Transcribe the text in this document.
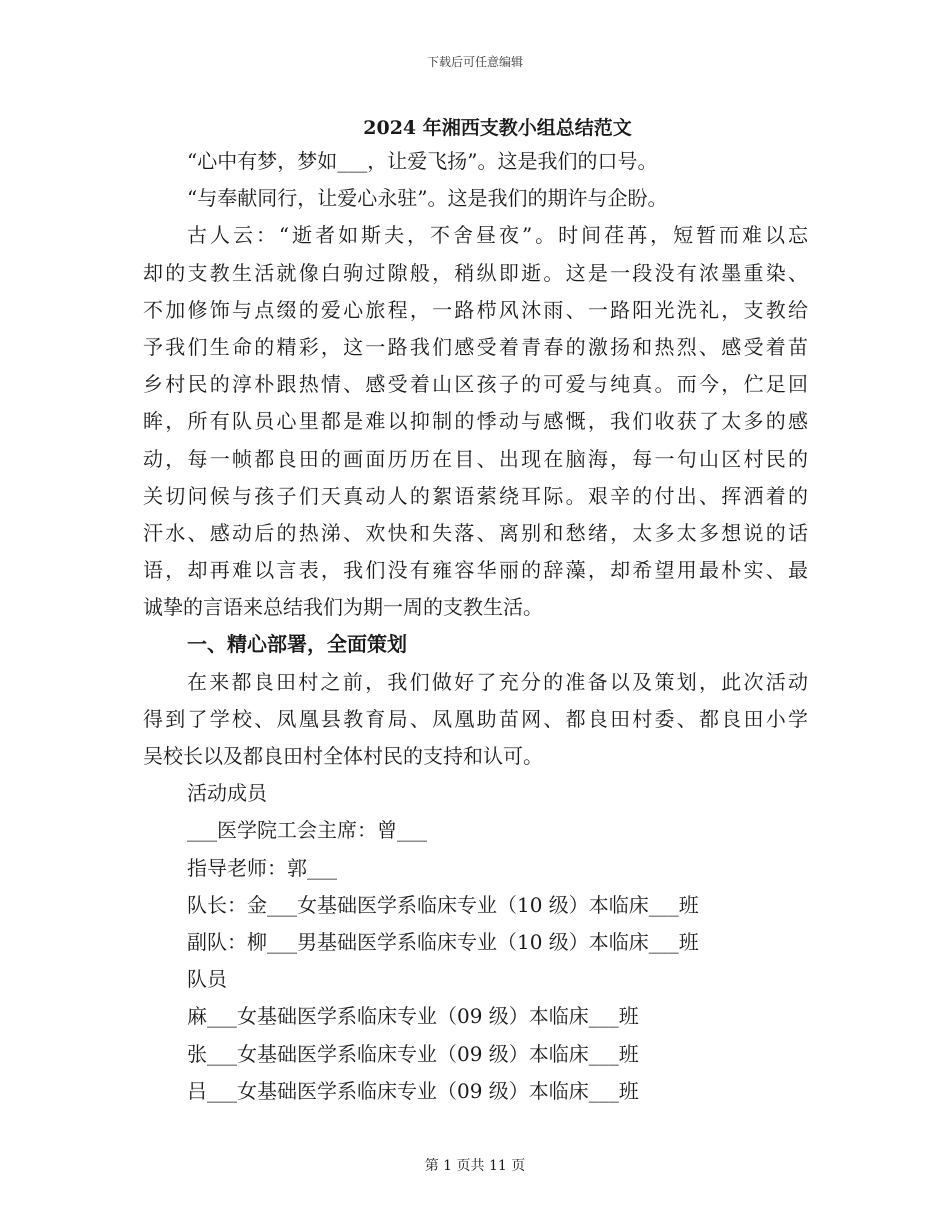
下载后可任意编辑
2024 年湘西支教小组总结范文
“心中有梦，梦如___，让爱飞扬”。这是我们的口号。
“与奉献同行，让爱心永驻”。这是我们的期许与企盼。
古人云：“逝者如斯夫，不舍昼夜”。时间荏苒，短暂而难以忘
却的支教生活就像白驹过隙般，稍纵即逝。这是一段没有浓墨重染、
不加修饰与点缀的爱心旅程，一路栉风沐雨、一路阳光洗礼，支教给
予我们生命的精彩，这一路我们感受着青春的激扬和热烈、感受着苗
乡村民的淳朴跟热情、感受着山区孩子的可爱与纯真。而今，伫足回
眸，所有队员心里都是难以抑制的悸动与感慨，我们收获了太多的感
动，每一帧都良田的画面历历在目、出现在脑海，每一句山区村民的
关切问候与孩子们天真动人的絮语萦绕耳际。艰辛的付出、挥洒着的
汗水、感动后的热涕、欢快和失落、离别和愁绪，太多太多想说的话
语，却再难以言表，我们没有雍容华丽的辞藻，却希望用最朴实、最
诚挚的言语来总结我们为期一周的支教生活。
一、精心部署，全面策划
在来都良田村之前，我们做好了充分的准备以及策划，此次活动
得到了学校、凤凰县教育局、凤凰助苗网、都良田村委、都良田小学
吴校长以及都良田村全体村民的支持和认可。
活动成员
___医学院工会主席：曾___
指导老师：郭___
队长：金___女基础医学系临床专业（10 级）本临床___班
副队：柳___男基础医学系临床专业（10 级）本临床___班
队员
麻___女基础医学系临床专业（09 级）本临床___班
张___女基础医学系临床专业（09 级）本临床___班
吕___女基础医学系临床专业（09 级）本临床___班
第 1 页共 11 页
